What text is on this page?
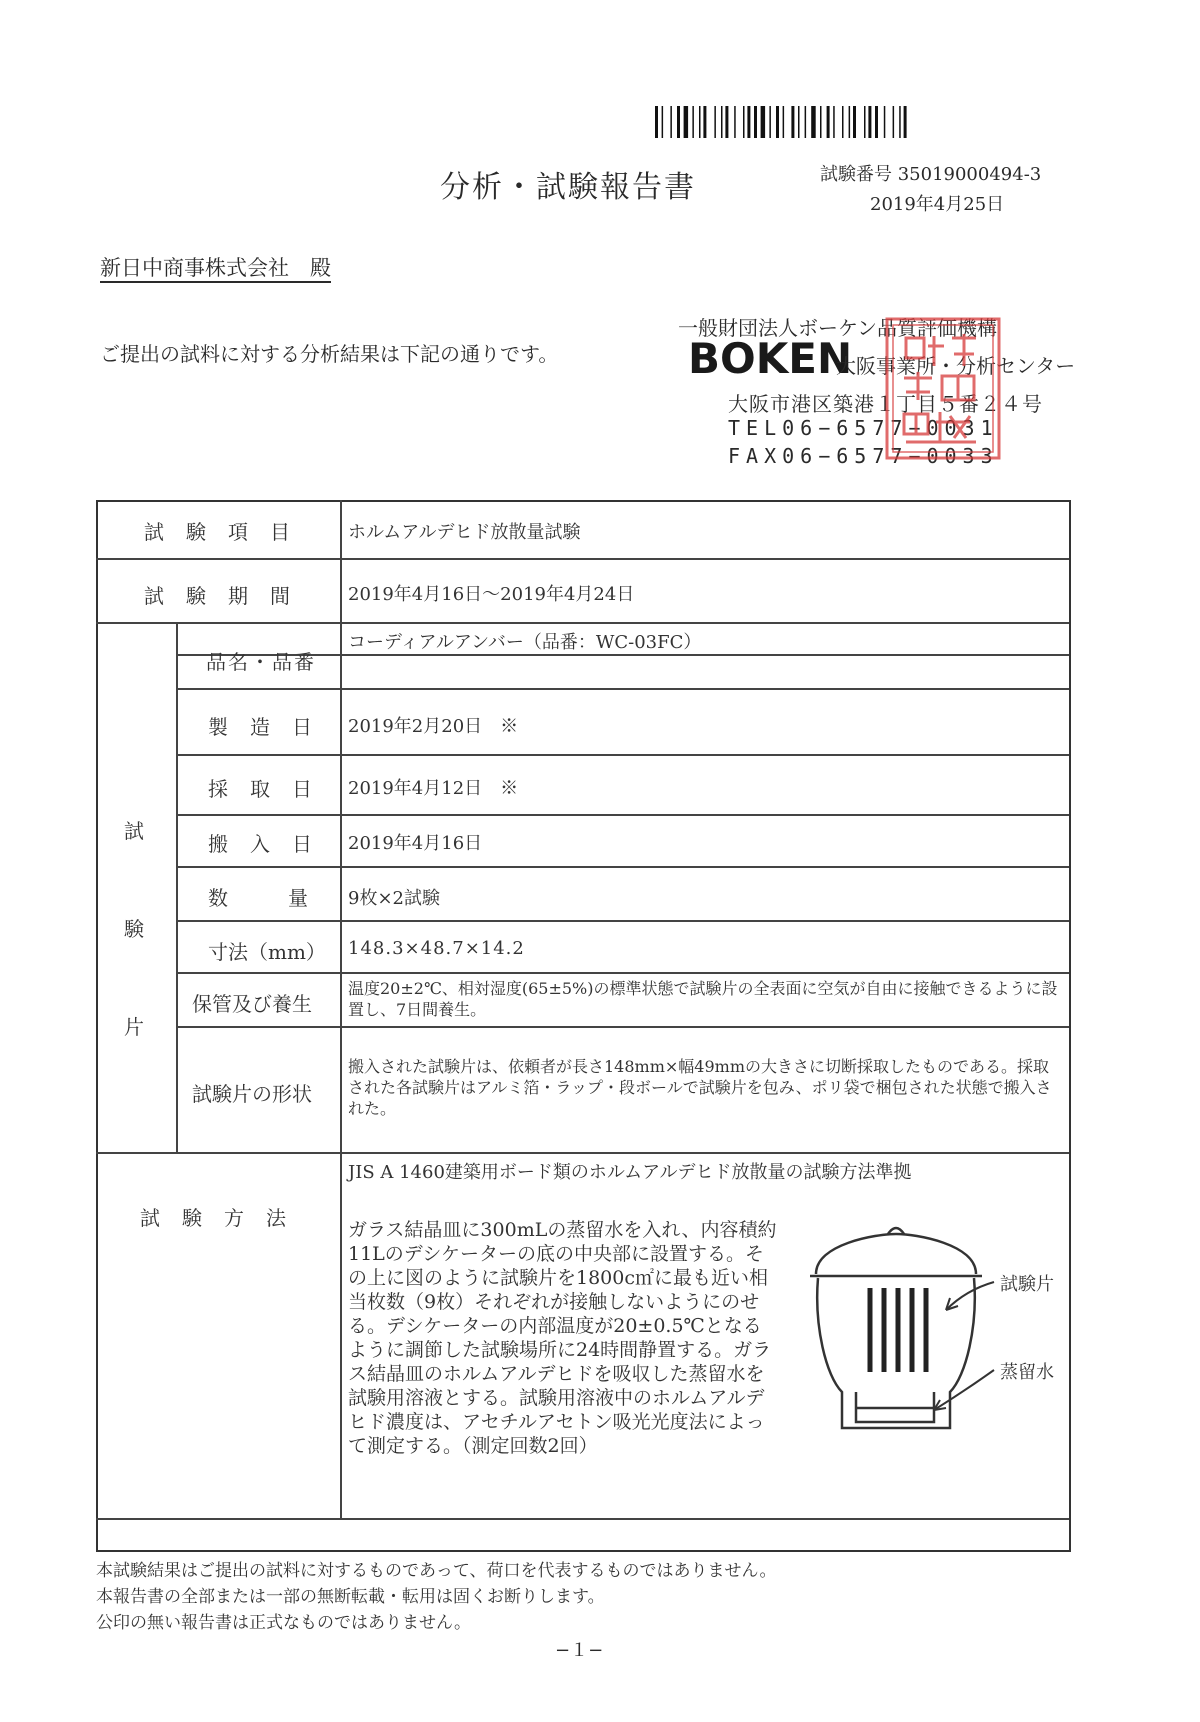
分析・試験報告書	試験番号 35019000494-3
2019年4月25日
新日中商事株式会社　殿
ご提出の試料に対する分析結果は下記の通りです。
一般財団法人ボーケン品質評価機構
BOKEN
大阪事業所・分析センター
大阪市港区築港１丁目５番２４号
TEL06−6577−0031
FAX06−6577−0033
試験項目 ホルムアルデヒド放散量試験
試験期間 2019年4月16日～2019年4月24日
試験片
品名・品番
コーディアルアンバー（品番：WC-03FC）
製造日 2019年2月20日　※
採取日 2019年4月12日　※
搬入日 2019年4月16日
数量
9枚×2試験
寸法（mm） 148.3×48.7×14.2
保管及び養生
温度20±2℃、相対湿度(65±5%)の標準状態で試験片の全表面に空気が自由に接触できるように設置し、7日間養生。
試験片の形状
搬入された試験片は、依頼者が長さ148mm×幅49mmの大きさに切断採取したものである。採取された各試験片はアルミ箔・ラップ・段ボールで試験片を包み、ポリ袋で梱包された状態で搬入された。
試験方法
JIS A 1460建築用ボード類のホルムアルデヒド放散量の試験方法準拠
ガラス結晶皿に300mLの蒸留水を入れ、内容積約11Lのデシケーターの底の中央部に設置する。その上に図のように試験片を1800c㎡に最も近い相当枚数（9枚）それぞれが接触しないようにのせる。デシケーターの内部温度が20±0.5℃となるように調節した試験場所に24時間静置する。ガラス結晶皿のホルムアルデヒドを吸収した蒸留水を試験用溶液とする。試験用溶液中のホルムアルデヒド濃度は、アセチルアセトン吸光光度法によって測定する。（測定回数2回）
試験片
蒸留水
本試験結果はご提出の試料に対するものであって、荷口を代表するものではありません。
本報告書の全部または一部の無断転載・転用は固くお断りします。
公印の無い報告書は正式なものではありません。
−１−
